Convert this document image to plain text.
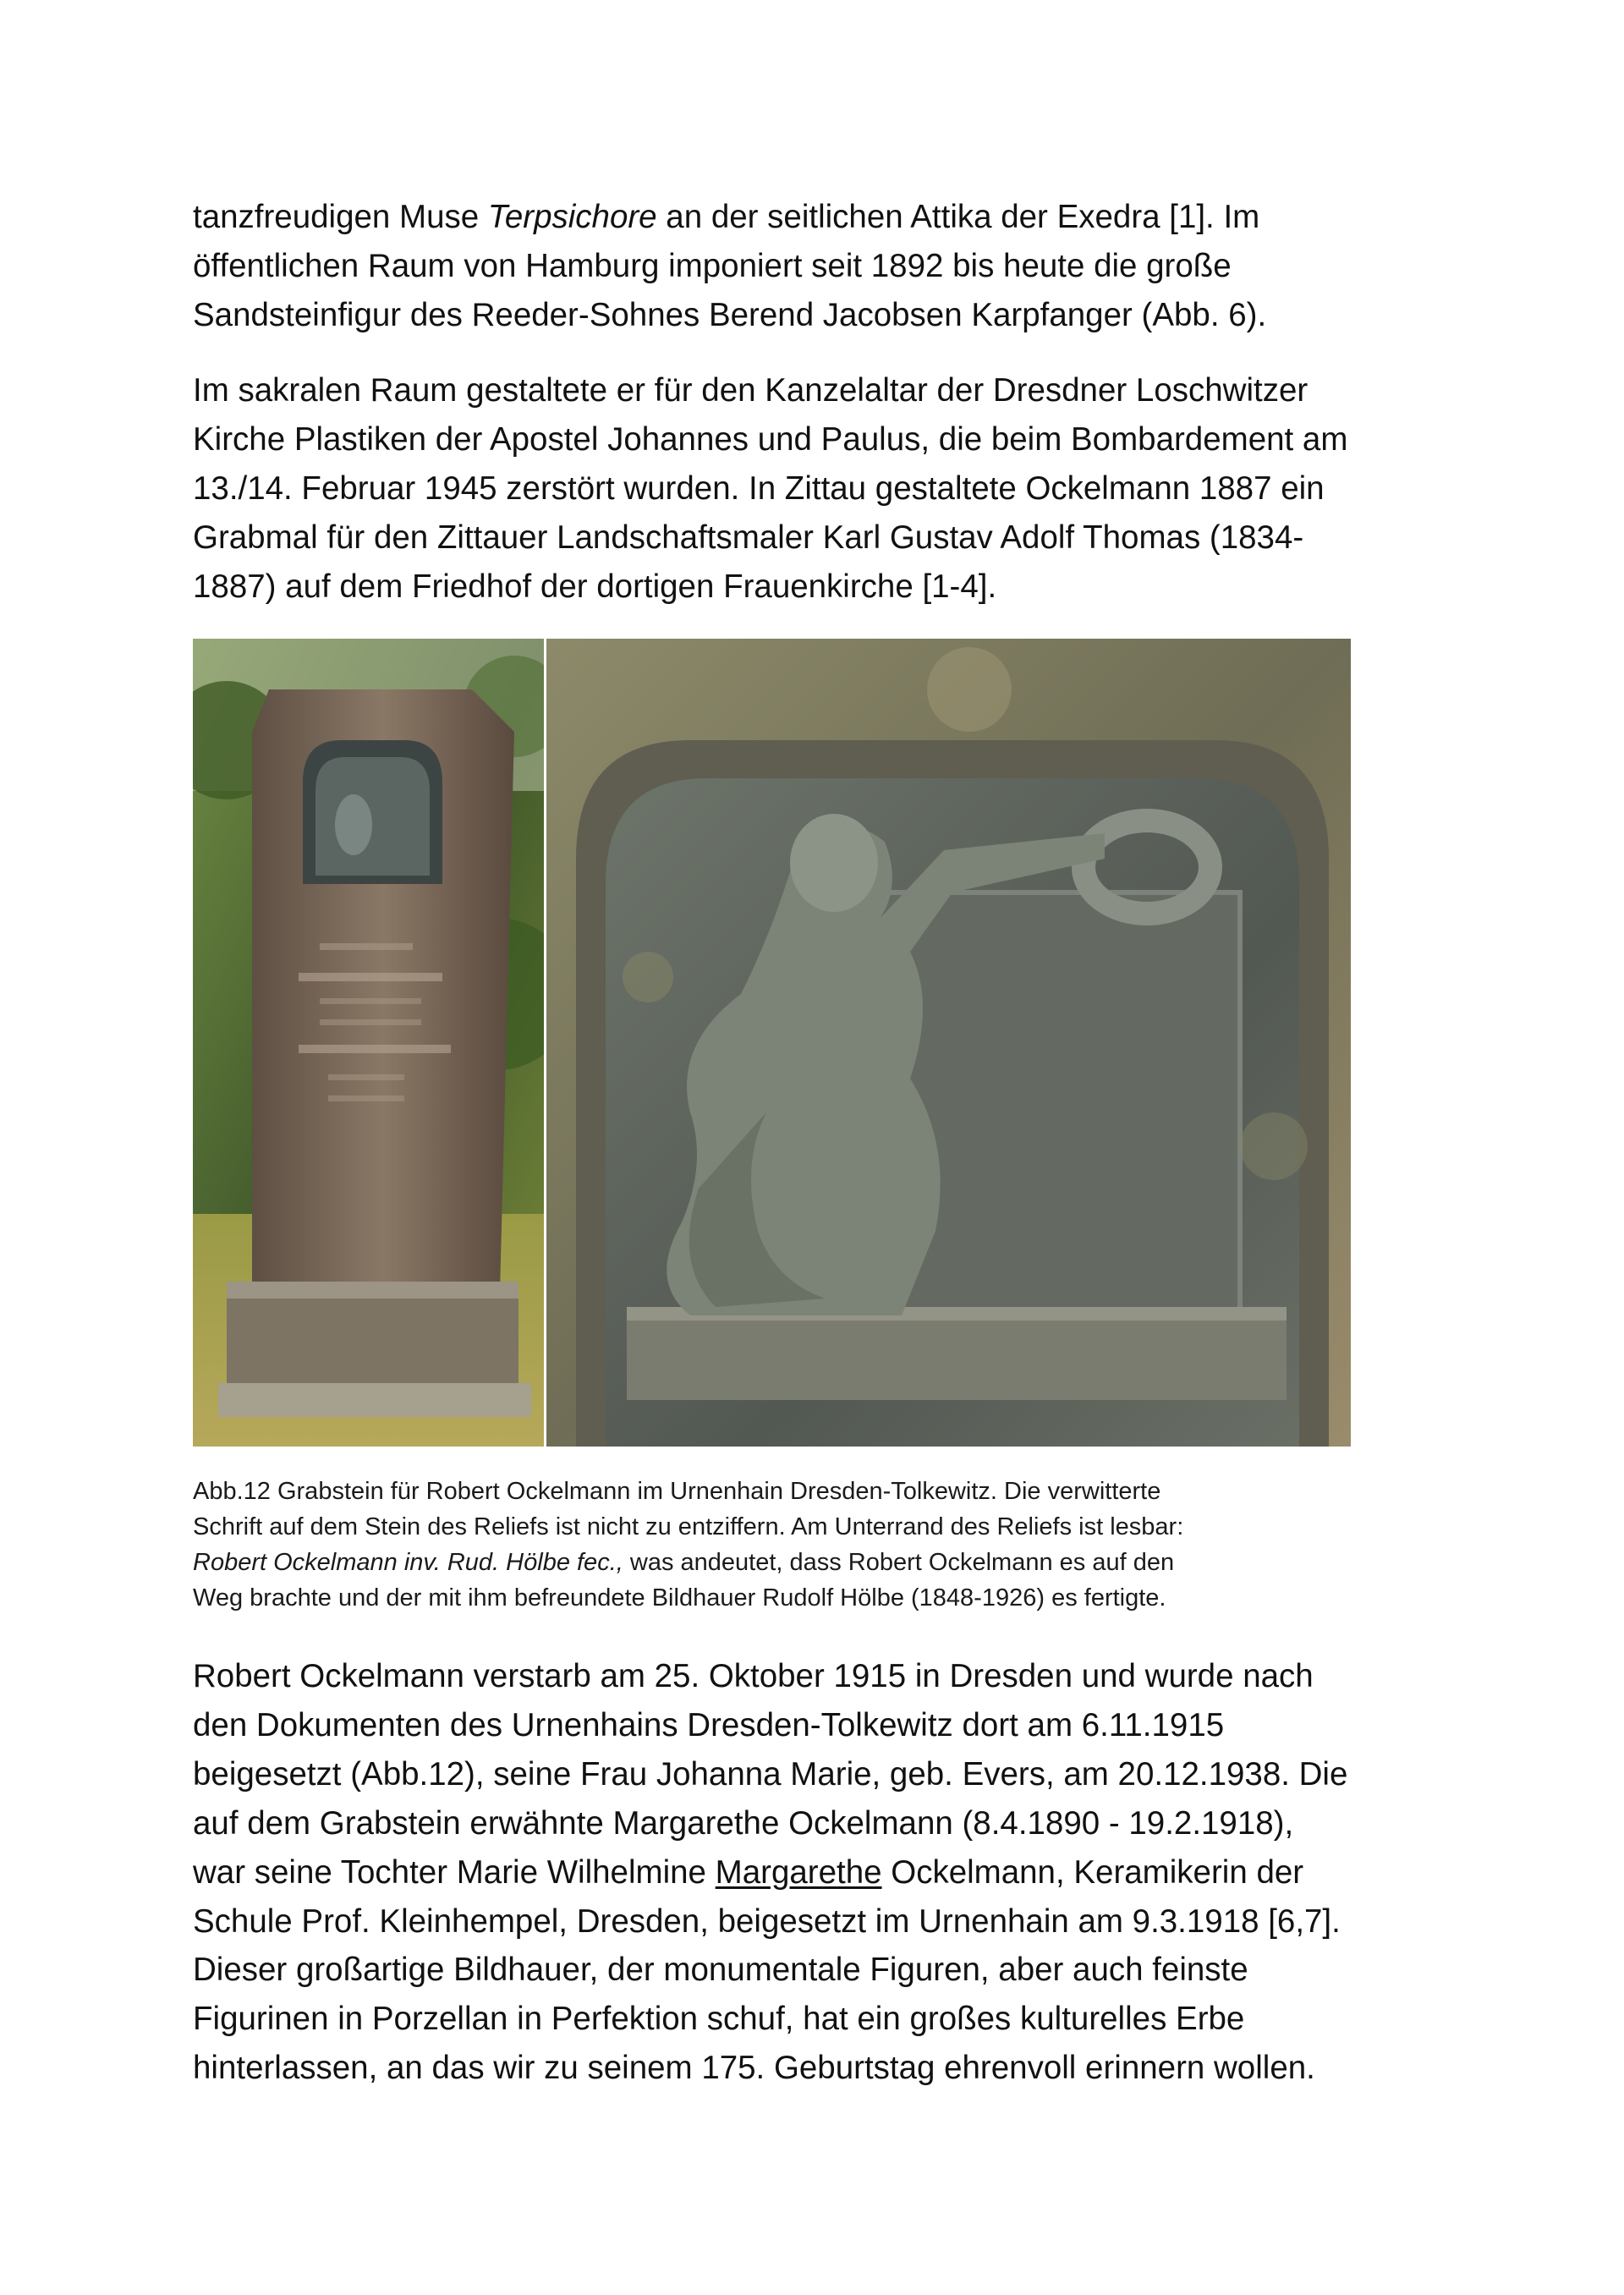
tanzfreudigen Muse Terpsichore an der seitlichen Attika der Exedra [1]. Im
öffentlichen Raum von Hamburg imponiert seit 1892 bis heute die große
Sandsteinfigur des Reeder-Sohnes Berend Jacobsen Karpfanger (Abb. 6).

Im sakralen Raum gestaltete er für den Kanzelaltar der Dresdner Loschwitzer
Kirche Plastiken der Apostel Johannes und Paulus, die beim Bombardement am
13./14. Februar 1945 zerstört wurden. In Zittau gestaltete Ockelmann 1887 ein
Grabmal für den Zittauer Landschaftsmaler Karl Gustav Adolf Thomas (1834-
1887) auf dem Friedhof der dortigen Frauenkirche [1-4].

Abb.12 Grabstein für Robert Ockelmann im Urnenhain Dresden-Tolkewitz. Die verwitterte
Schrift auf dem Stein des Reliefs ist nicht zu entziffern. Am Unterrand des Reliefs ist lesbar:
Robert Ockelmann inv. Rud. Hölbe fec., was andeutet, dass Robert Ockelmann es auf den
Weg brachte und der mit ihm befreundete Bildhauer Rudolf Hölbe (1848-1926) es fertigte.

Robert Ockelmann verstarb am 25. Oktober 1915 in Dresden und wurde nach
den Dokumenten des Urnenhains Dresden-Tolkewitz dort am 6.11.1915
beigesetzt (Abb.12), seine Frau Johanna Marie, geb. Evers, am 20.12.1938. Die
auf dem Grabstein erwähnte Margarethe Ockelmann (8.4.1890 - 19.2.1918),
war seine Tochter Marie Wilhelmine Margarethe Ockelmann, Keramikerin der
Schule Prof. Kleinhempel, Dresden, beigesetzt im Urnenhain am 9.3.1918 [6,7].

Dieser großartige Bildhauer, der monumentale Figuren, aber auch feinste
Figurinen in Porzellan in Perfektion schuf, hat ein großes kulturelles Erbe
hinterlassen, an das wir zu seinem 175. Geburtstag ehrenvoll erinnern wollen.
